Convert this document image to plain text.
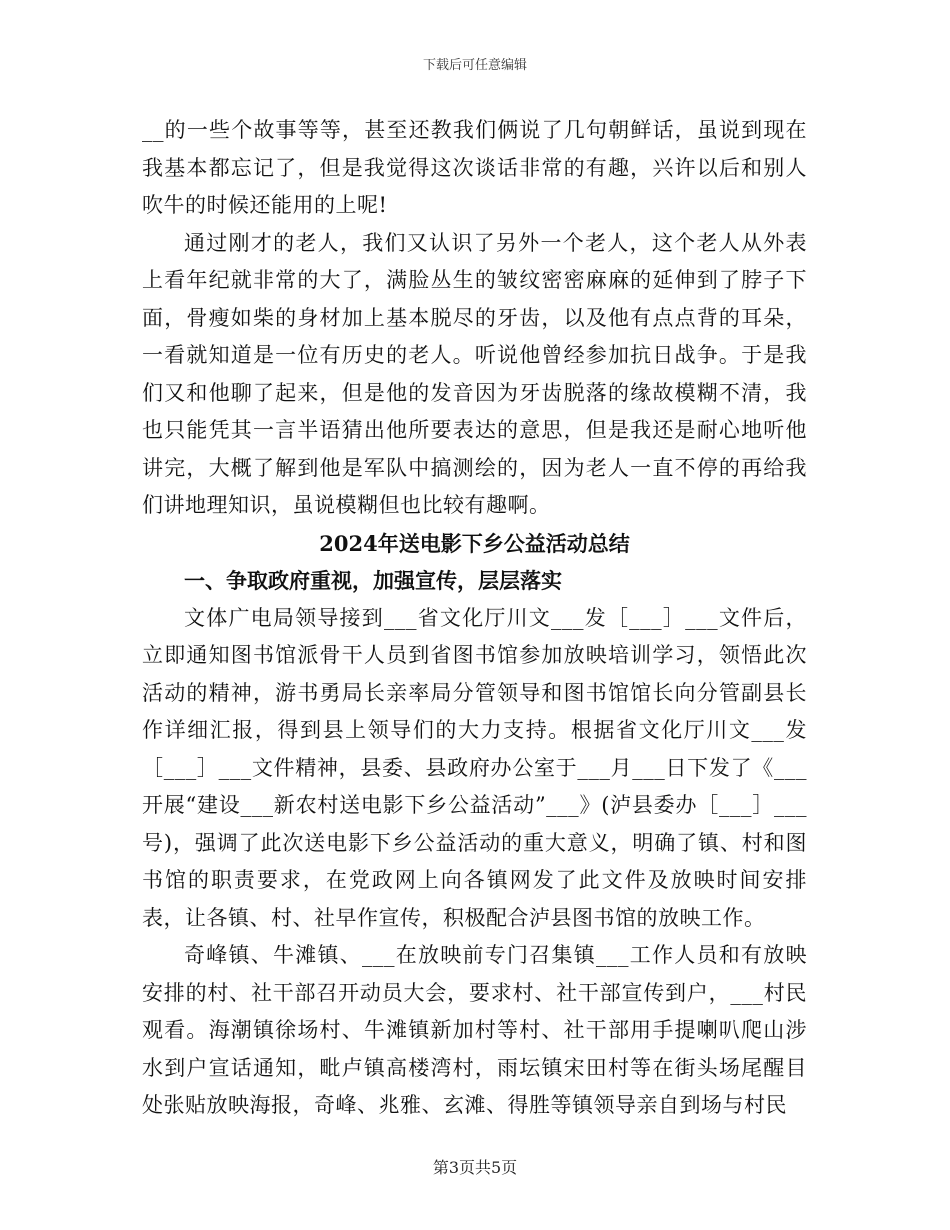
下载后可任意编辑

__的一些个故事等等，甚至还教我们俩说了几句朝鲜话，虽说到现在我基本都忘记了，但是我觉得这次谈话非常的有趣，兴许以后和别人吹牛的时候还能用的上呢!

通过刚才的老人，我们又认识了另外一个老人，这个老人从外表上看年纪就非常的大了，满脸丛生的皱纹密密麻麻的延伸到了脖子下面，骨瘦如柴的身材加上基本脱尽的牙齿，以及他有点点背的耳朵，一看就知道是一位有历史的老人。听说他曾经参加抗日战争。于是我们又和他聊了起来，但是他的发音因为牙齿脱落的缘故模糊不清，我也只能凭其一言半语猜出他所要表达的意思，但是我还是耐心地听他讲完，大概了解到他是军队中搞测绘的，因为老人一直不停的再给我们讲地理知识，虽说模糊但也比较有趣啊。

2024年送电影下乡公益活动总结

一、争取政府重视，加强宣传，层层落实

文体广电局领导接到___省文化厅川文___发［___］___文件后，立即通知图书馆派骨干人员到省图书馆参加放映培训学习，领悟此次活动的精神，游书勇局长亲率局分管领导和图书馆馆长向分管副县长作详细汇报，得到县上领导们的大力支持。根据省文化厅川文___发［___］___文件精神，县委、县政府办公室于___月___日下发了《___开展“建设___新农村送电影下乡公益活动”___》(泸县委办［___］___号)，强调了此次送电影下乡公益活动的重大意义，明确了镇、村和图书馆的职责要求，在党政网上向各镇网发了此文件及放映时间安排表，让各镇、村、社早作宣传，积极配合泸县图书馆的放映工作。

奇峰镇、牛滩镇、___在放映前专门召集镇___工作人员和有放映安排的村、社干部召开动员大会，要求村、社干部宣传到户，___村民观看。海潮镇徐场村、牛滩镇新加村等村、社干部用手提喇叭爬山涉水到户宣话通知，毗卢镇高楼湾村，雨坛镇宋田村等在街头场尾醒目处张贴放映海报，奇峰、兆雅、玄滩、得胜等镇领导亲自到场与村民

第3页共5页
